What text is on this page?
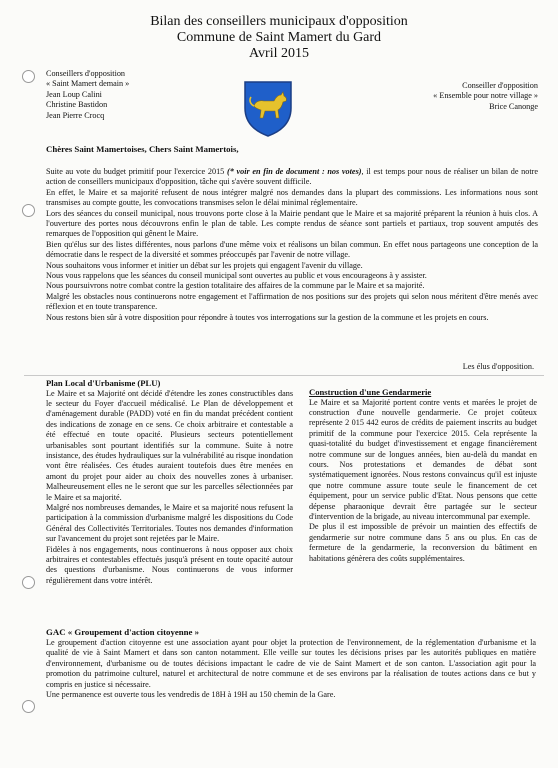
Bilan des conseillers municipaux d'opposition
Commune de Saint Mamert du Gard
Avril 2015
Conseillers d'opposition
« Saint Mamert demain »
Jean Loup Calini
Christine Bastidon
Jean Pierre Crocq
Conseiller d'opposition
« Ensemble pour notre village »
Brice Canonge
Chères Saint Mamertoises, Chers Saint Mamertois,

Suite au vote du budget primitif pour l'exercice 2015 (* voir en fin de document : nos votes), il est temps pour nous de réaliser un bilan de notre action de conseillers municipaux d'opposition, tâche qui s'avère souvent difficile.

En effet, le Maire et sa majorité refusent de nous intégrer malgré nos demandes dans la plupart des commissions. Les informations nous sont transmises au compte goutte, les convocations transmises selon le délai minimal réglementaire.

Lors des séances du conseil municipal, nous trouvons porte close à la Mairie pendant que le Maire et sa majorité préparent la réunion à huis clos. A l'ouverture des portes nous découvrons enfin le plan de table. Les compte rendus de séance sont partiels et partiaux, trop souvent amputés des remarques de l'opposition qui gênent le Maire.

Bien qu'élus sur des listes différentes, nous parlons d'une même voix et réalisons un bilan commun. En effet nous partageons une conception de la démocratie dans le respect de la diversité et sommes préoccupés par l'avenir de notre village.

Nous souhaitons vous informer et initier un débat sur les projets qui engagent l'avenir du village.

Nous vous rappelons que les séances du conseil municipal sont ouvertes au public et vous encourageons à y assister.

Nous poursuivrons notre combat contre la gestion totalitaire des affaires de la commune par le Maire et sa majorité.

Malgré les obstacles nous continuerons notre engagement et l'affirmation de nos positions sur des projets qui selon nous méritent d'être menés avec réflexion et en toute transparence.

Nous restons bien sûr à votre disposition pour répondre à toutes vos interrogations sur la gestion de la commune et les projets en cours.

Les élus d'opposition.
Plan Local d'Urbanisme (PLU)

Le Maire et sa Majorité ont décidé d'étendre les zones constructibles dans le secteur du Foyer d'accueil médicalisé. Le Plan de développement et d'aménagement durable (PADD) voté en fin du mandat précédent contient des indications de zonage en ce sens. Ce choix arbitraire et contestable a été effectué en toute opacité. Plusieurs secteurs potentiellement urbanisables sont pourtant identifiés sur la commune. Suite à notre insistance, des études hydrauliques sur la vulnérabilité au risque inondation vont être réalisées. Ces études auraient toutefois dues être menées en amont du projet pour aider au choix des nouvelles zones à urbaniser. Malheureusement elles ne le seront que sur les parcelles sélectionnées par le Maire et sa majorité.

Malgré nos nombreuses demandes, le Maire et sa majorité nous refusent la participation à la commission d'urbanisme malgré les dispositions du Code Général des Collectivités Territoriales. Toutes nos demandes d'information sur l'avancement du projet sont rejetées par le Maire.

Fidèles à nos engagements, nous continuerons à nous opposer aux choix arbitraires et contestables effectués jusqu'à présent en toute opacité autour des questions d'urbanisme. Nous continuerons de vous informer régulièrement dans votre intérêt.

Construction d'une Gendarmerie

Le Maire et sa Majorité portent contre vents et marées le projet de construction d'une nouvelle gendarmerie. Ce projet coûteux représente 2 015 442 euros de crédits de paiement inscrits au budget primitif de la commune pour l'exercice 2015. Cela représente la quasi-totalité du budget d'investissement et engage financièrement notre commune sur de longues années, bien au-delà du mandat en cours. Nos protestations et demandes de débat sont systématiquement ignorées. Nous restons convaincus qu'il est injuste que notre commune assure toute seule le financement de cet équipement, pour un service public d'Etat. Nous pensons que cette dépense pharaonique devrait être partagée sur le secteur d'intervention de la brigade, au niveau intercommunal par exemple.

De plus il est impossible de prévoir un maintien des effectifs de gendarmerie sur notre commune dans 5 ans ou plus. En cas de fermeture de la gendarmerie, la reconversion du bâtiment en habitations génèrera des coûts supplémentaires.

GAC « Groupement d'action citoyenne »

Le groupement d'action citoyenne est une association ayant pour objet la protection de l'environnement, de la réglementation d'urbanisme et la qualité de vie à Saint Mamert et dans son canton notamment. Elle veille sur toutes les décisions prises par les autorités publiques en matière d'environnement, d'urbanisme ou de toutes décisions impactant le cadre de vie de Saint Mamert et de son canton. L'association agit pour la promotion du patrimoine culturel, naturel et architectural de notre commune et de ses environs par la réalisation de toutes actions dans ce but y compris en justice si nécessaire.

Une permanence est ouverte tous les vendredis de 18H à 19H au 150 chemin de la Gare.
